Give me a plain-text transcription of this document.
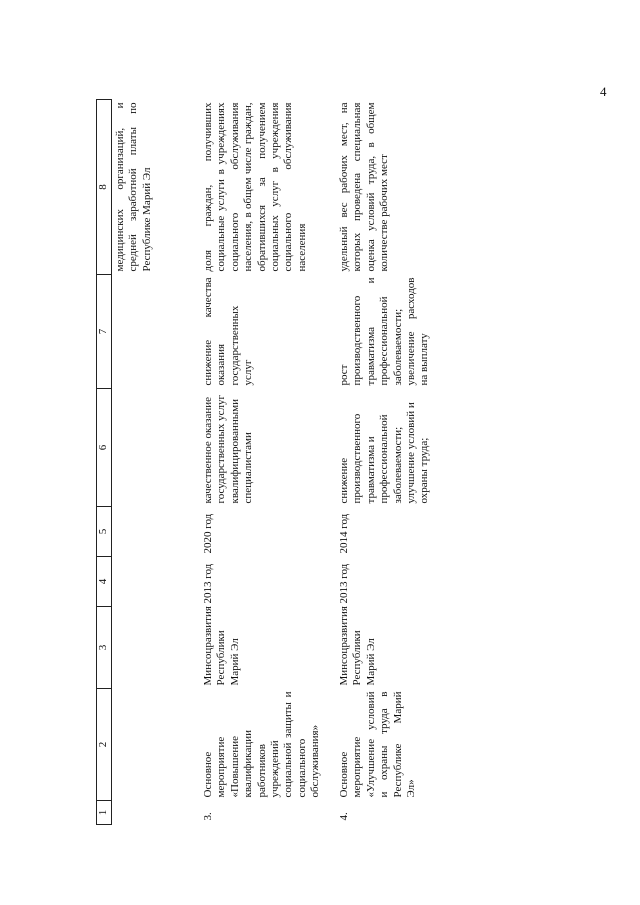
4
1	2	3	4	5	6	7	8
							медицинских организаций, и средней заработной платы по Республике Марий Эл
3.	Основное мероприятие «Повышение квалификации работников учреждений социальной защиты и социального обслуживания»	Минсоцразвития Республики Марий Эл	2013 год	2020 год	качественное оказание государственных услуг квалифицированными специалистами	снижение качества оказания государственных услуг	доля граждан, получивших социальные услуги в учреждениях социального обслуживания населения, в общем числе граждан, обратившихся за получением социальных услуг в учреждения социального обслуживания населения
4.	Основное мероприятие «Улучшение условий и охраны труда в Республике Марий Эл»	Минсоцразвития Республики Марий Эл	2013 год	2014 год	снижение производственного травматизма и профессиональной заболеваемости; улучшение условий и охраны труда;	рост производственного травматизма и профессиональной заболеваемости; увеличение расходов на выплату	удельный вес рабочих мест, на которых проведена специальная оценка условий труда, в общем количестве рабочих мест
